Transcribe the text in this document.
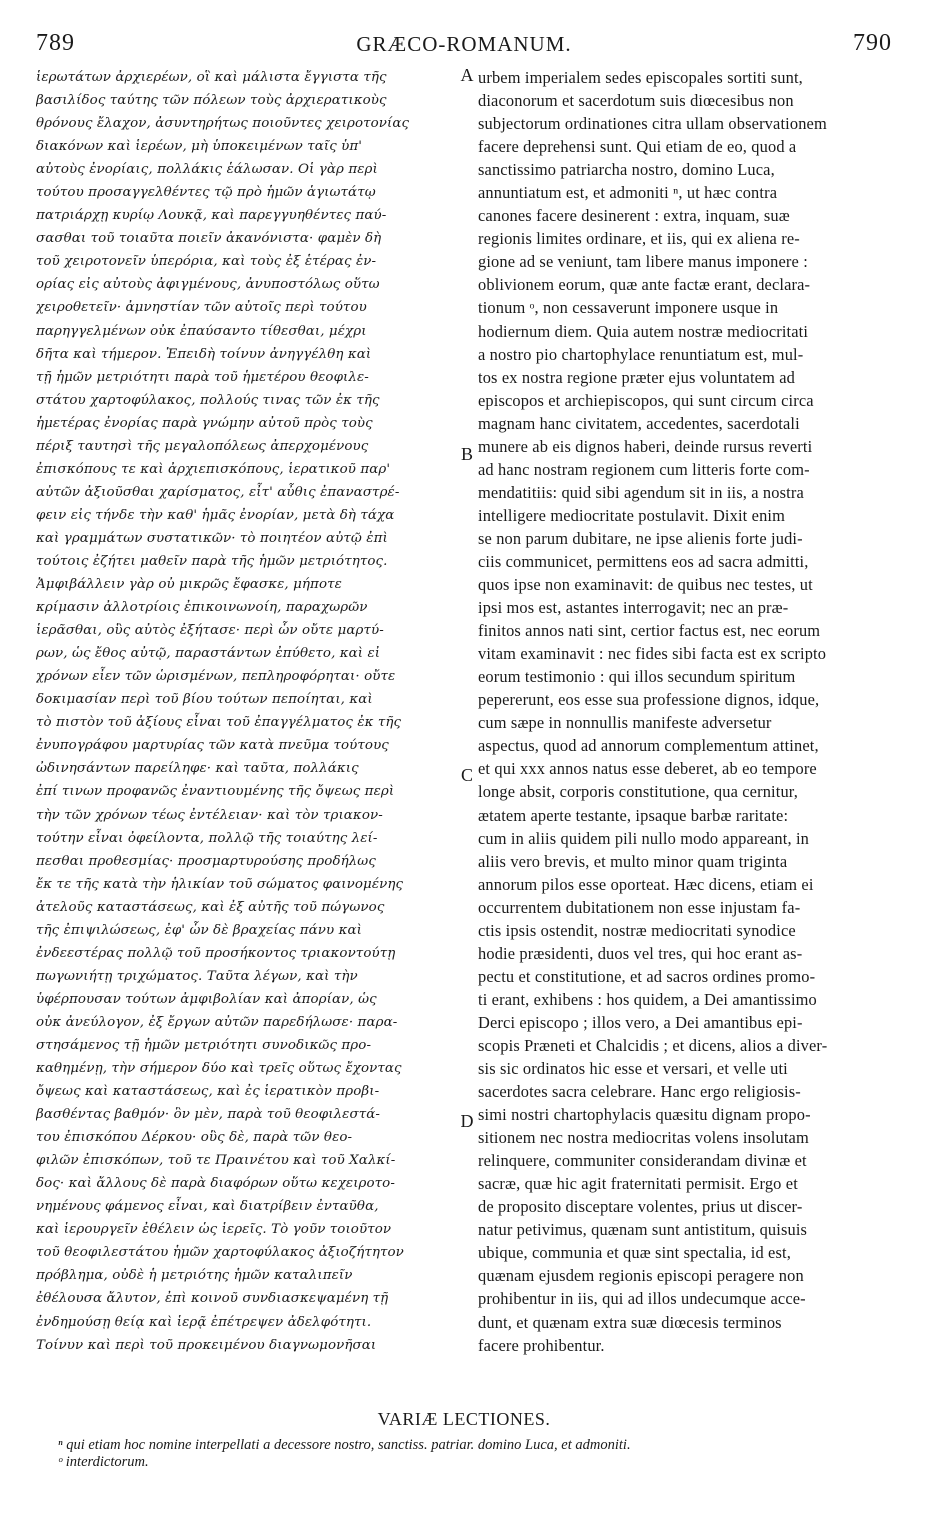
789	GRÆCO-ROMANUM.	790
ἱερωτάτων ἀρχιερέων, οἳ καὶ μάλιστα ἔγγιστα τῆς
βασιλίδος ταύτης τῶν πόλεων τοὺς ἀρχιερατικοὺς
θρόνους ἔλαχον, ἀσυντηρήτως ποιοῦντες χειροτονίας
διακόνων καὶ ἱερέων, μὴ ὑποκειμένων ταῖς ὑπ'
αὐτοὺς ἐνορίαις, πολλάκις ἑάλωσαν. Οἱ γὰρ περὶ
τούτου προσαγγελθέντες τῷ πρὸ ἡμῶν ἁγιωτάτῳ
πατριάρχῃ κυρίῳ Λουκᾷ, καὶ παρεγγυηθέντες παύ-
σασθαι τοῦ τοιαῦτα ποιεῖν ἀκανόνιστα· φαμὲν δὴ
τοῦ χειροτονεῖν ὑπερόρια, καὶ τοὺς ἐξ ἑτέρας ἐν-
ορίας εἰς αὐτοὺς ἀφιγμένους, ἀνυποστόλως οὕτω
χειροθετεῖν· ἀμνηστίαν τῶν αὐτοῖς περὶ τούτου
παρηγγελμένων οὐκ ἐπαύσαντο τίθεσθαι, μέχρι
δῆτα καὶ τήμερον. Ἐπειδὴ τοίνυν ἀνηγγέλθη καὶ
τῇ ἡμῶν μετριότητι παρὰ τοῦ ἡμετέρου θεοφιλε-
στάτου χαρτοφύλακος, πολλούς τινας τῶν ἐκ τῆς
ἡμετέρας ἐνορίας παρὰ γνώμην αὐτοῦ πρὸς τοὺς
πέριξ ταυτησὶ τῆς μεγαλοπόλεως ἀπερχομένους
ἐπισκόπους τε καὶ ἀρχιεπισκόπους, ἱερατικοῦ παρ'
αὐτῶν ἀξιοῦσθαι χαρίσματος, εἶτ' αὖθις ἐπαναστρέ-
φειν εἰς τήνδε τὴν καθ' ἡμᾶς ἐνορίαν, μετὰ δὴ τάχα
καὶ γραμμάτων συστατικῶν· τὸ ποιητέον αὐτῷ ἐπὶ
τούτοις ἐζήτει μαθεῖν παρὰ τῆς ἡμῶν μετριότητος.
Ἀμφιβάλλειν γὰρ οὐ μικρῶς ἔφασκε, μήποτε
κρίμασιν ἀλλοτρίοις ἐπικοινωνοίη, παραχωρῶν
ἱερᾶσθαι, οὓς αὐτὸς ἐξήτασε· περὶ ὧν οὔτε μαρτύ-
ρων, ὡς ἔθος αὐτῷ, παραστάντων ἐπύθετο, καὶ εἰ
χρόνων εἶεν τῶν ὡρισμένων, πεπληροφόρηται· οὔτε
δοκιμασίαν περὶ τοῦ βίου τούτων πεποίηται, καὶ
τὸ πιστὸν τοῦ ἀξίους εἶναι τοῦ ἐπαγγέλματος ἐκ τῆς
ἐνυπογράφου μαρτυρίας τῶν κατὰ πνεῦμα τούτους
ὠδινησάντων παρείληφε· καὶ ταῦτα, πολλάκις
ἐπί τινων προφανῶς ἐναντιουμένης τῆς ὄψεως περὶ
τὴν τῶν χρόνων τέως ἐντέλειαν· καὶ τὸν τριακον-
τούτην εἶναι ὀφείλοντα, πολλῷ τῆς τοιαύτης λεί-
πεσθαι προθεσμίας· προσμαρτυρούσης προδήλως
ἔκ τε τῆς κατὰ τὴν ἡλικίαν τοῦ σώματος φαινομένης
ἀτελοῦς καταστάσεως, καὶ ἐξ αὐτῆς τοῦ πώγωνος
τῆς ἐπιψιλώσεως, ἐφ' ὧν δὲ βραχείας πάνυ καὶ
ἐνδεεστέρας πολλῷ τοῦ προσήκοντος τριακοντούτῃ
πωγωνιήτῃ τριχώματος. Ταῦτα λέγων, καὶ τὴν
ὑφέρπουσαν τούτων ἀμφιβολίαν καὶ ἀπορίαν, ὡς
οὐκ ἀνεύλογον, ἐξ ἔργων αὐτῶν παρεδήλωσε· παρα-
στησάμενος τῇ ἡμῶν μετριότητι συνοδικῶς προ-
καθημένῃ, τὴν σήμερον δύο καὶ τρεῖς οὕτως ἔχοντας
ὄψεως καὶ καταστάσεως, καὶ ἐς ἱερατικὸν προβι-
βασθέντας βαθμόν· ὃν μὲν, παρὰ τοῦ θεοφιλεστά-
του ἐπισκόπου Δέρκου· οὓς δὲ, παρὰ τῶν θεο-
φιλῶν ἐπισκόπων, τοῦ τε Πραινέτου καὶ τοῦ Χαλκί-
δος· καὶ ἄλλους δὲ παρὰ διαφόρων οὕτω κεχειροτο-
νημένους φάμενος εἶναι, καὶ διατρίβειν ἐνταῦθα,
καὶ ἱερουργεῖν ἐθέλειν ὡς ἱερεῖς. Τὸ γοῦν τοιοῦτον
τοῦ θεοφιλεστάτου ἡμῶν χαρτοφύλακος ἀξιοζήτητον
πρόβλημα, οὐδὲ ἡ μετριότης ἡμῶν καταλιπεῖν
ἐθέλουσα ἄλυτον, ἐπὶ κοινοῦ συνδιασκεψαμένη τῇ
ἐνδημούσῃ θείᾳ καὶ ἱερᾷ ἐπέτρεψεν ἀδελφότητι.
Τοίνυν καὶ περὶ τοῦ προκειμένου διαγνωμονῆσαι
urbem imperialem sedes episcopales sortiti sunt,
diaconorum et sacerdotum suis diœcesibus non
subjectorum ordinationes citra ullam observationem
facere deprehensi sunt. Qui etiam de eo, quod a
sanctissimo patriarcha nostro, domino Luca,
annuntiatum est, et admoniti ⁿ, ut hæc contra
canones facere desinerent : extra, inquam, suæ
regionis limites ordinare, et iis, qui ex aliena re-
gione ad se veniunt, tam libere manus imponere :
oblivionem eorum, quæ ante factæ erant, declara-
tionum ᵒ, non cessaverunt imponere usque in
hodiernum diem. Quia autem nostræ mediocritati
a nostro pio chartophylace renuntiatum est, mul-
tos ex nostra regione præter ejus voluntatem ad
episcopos et archiepiscopos, qui sunt circum circa
magnam hanc civitatem, accedentes, sacerdotali
munere ab eis dignos haberi, deinde rursus reverti
ad hanc nostram regionem cum litteris forte com-
mendatitiis: quid sibi agendum sit in iis, a nostra
intelligere mediocritate postulavit. Dixit enim
se non parum dubitare, ne ipse alienis forte judi-
ciis communicet, permittens eos ad sacra admitti,
quos ipse non examinavit: de quibus nec testes, ut
ipsi mos est, astantes interrogavit; nec an præ-
finitos annos nati sint, certior factus est, nec eorum
vitam examinavit : nec fides sibi facta est ex scripto
eorum testimonio : qui illos secundum spiritum
pepererunt, eos esse sua professione dignos, idque,
cum sæpe in nonnullis manifeste adversetur
aspectus, quod ad annorum complementum attinet,
et qui xxx annos natus esse deberet, ab eo tempore
longe absit, corporis constitutione, qua cernitur,
ætatem aperte testante, ipsaque barbæ raritate:
cum in aliis quidem pili nullo modo appareant, in
aliis vero brevis, et multo minor quam triginta
annorum pilos esse oporteat. Hæc dicens, etiam ei
occurrentem dubitationem non esse injustam fa-
ctis ipsis ostendit, nostræ mediocritati synodice
hodie præsidenti, duos vel tres, qui hoc erant as-
pectu et constitutione, et ad sacros ordines promo-
ti erant, exhibens : hos quidem, a Dei amantissimo
Derci episcopo ; illos vero, a Dei amantibus epi-
scopis Præneti et Chalcidis ; et dicens, alios a diver-
sis sic ordinatos hic esse et versari, et velle uti
sacerdotes sacra celebrare. Hanc ergo religiosis-
simi nostri chartophylacis quæsitu dignam propo-
sitionem nec nostra mediocritas volens insolutam
relinquere, communiter considerandam divinæ et
sacræ, quæ hic agit fraternitati permisit. Ergo et
de proposito disceptare volentes, prius ut discer-
natur petivimus, quænam sunt antistitum, quisuis
ubique, communia et quæ sint spectalia, id est,
quænam ejusdem regionis episcopi peragere non
prohibentur in iis, qui ad illos undecumque acce-
dunt, et quænam extra suæ diœcesis terminos
facere prohibentur.
A
B
C
D
VARIÆ LECTIONES.
ⁿ qui etiam hoc nomine interpellati a decessore nostro, sanctiss. patriar. domino Luca, et admoniti.
ᵒ interdictorum.
